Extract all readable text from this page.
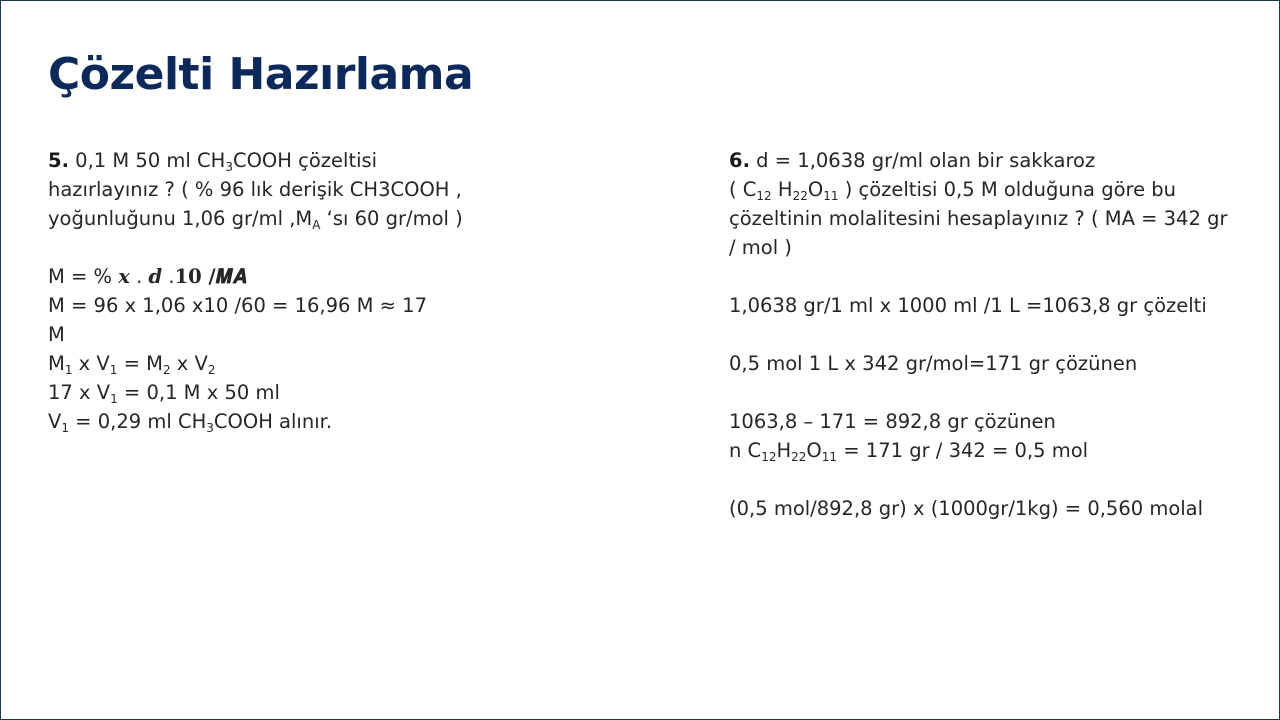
Çözelti Hazırlama
5. 0,1 M 50 ml $CH_3COOH$ çözeltisi
hazırlayınız ? ( % 96 lık derişik CH3COOH ,
yoğunluğunu 1,06 gr/ml $,M_A$ ‘sı 60 gr/mol )
M = % 𝒙 . 𝒅 .𝟏𝟎 /𝑴𝑨
M = 96 x 1,06 x10 /60 = 16,96 M ≈ 17
M
$M_1$ x $V_1 = M_2$ x $V_2$
17 x $V_1 = 0,1$ M x 50 ml
$V_1 = 0,29$ ml $CH_3COOH$ alınır.
6. d = 1,0638 gr/ml olan bir sakkaroz
( $C_{12}$ $H_{22}O_{11}$ ) çözeltisi 0,5 M olduğuna göre bu
çözeltinin molalitesini hesaplayınız ? ( MA = 342 gr
/ mol )
1,0638 gr/1 ml x 1000 ml /1 L =1063,8 gr çözelti
0,5 mol 1 L x 342 gr/mol=171 gr çözünen
1063,8 – 171 = 892,8 gr çözünen
n $C_{12}H_{22}O_{11} = 171$ gr / 342 = 0,5 mol
(0,5 mol/892,8 gr) x (1000gr/1kg) = 0,560 molal
